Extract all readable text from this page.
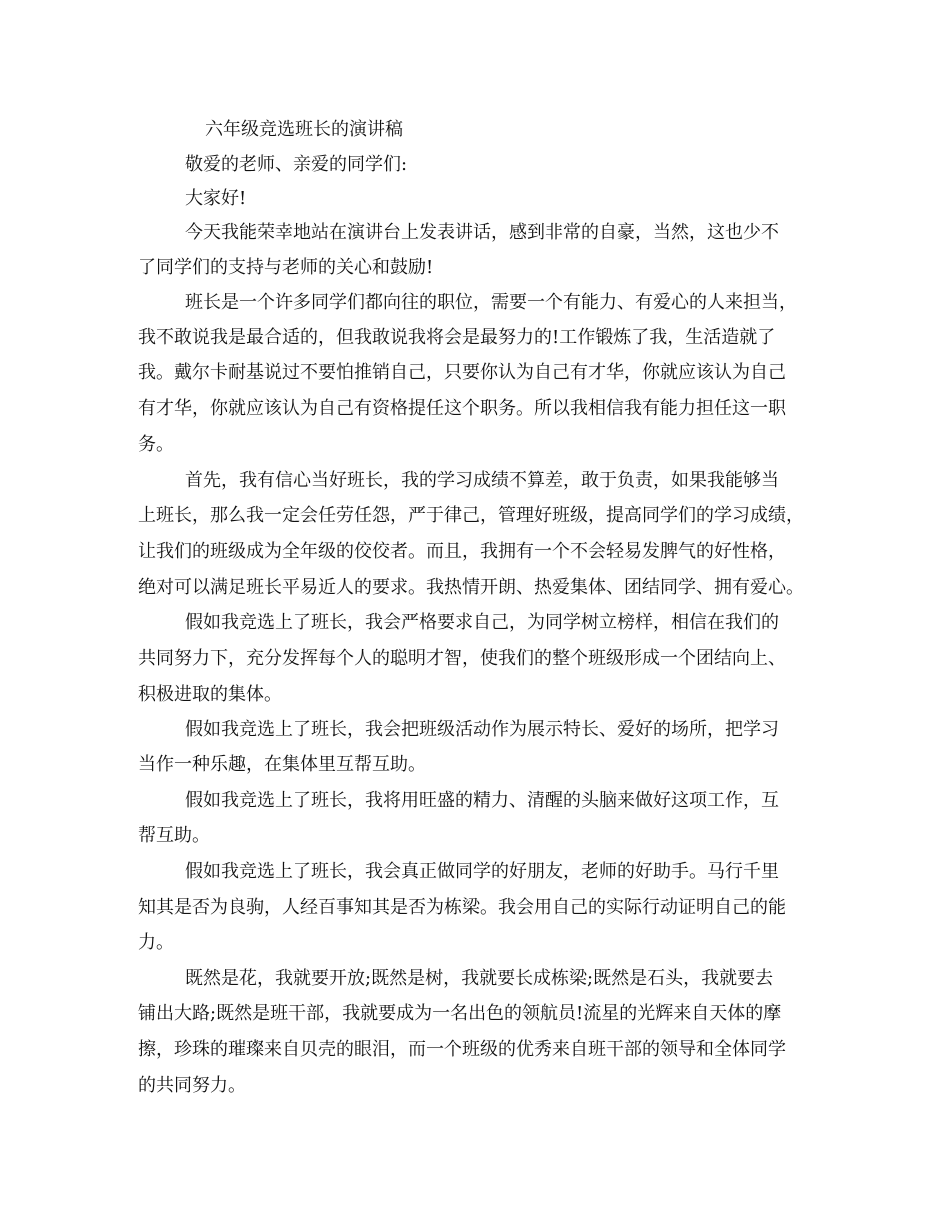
六年级竞选班长的演讲稿
敬爱的老师、亲爱的同学们:
大家好!
今天我能荣幸地站在演讲台上发表讲话，感到非常的自豪，当然，这也少不
了同学们的支持与老师的关心和鼓励!
班长是一个许多同学们都向往的职位，需要一个有能力、有爱心的人来担当，
我不敢说我是最合适的，但我敢说我将会是最努力的!工作锻炼了我，生活造就了
我。戴尔卡耐基说过不要怕推销自己，只要你认为自己有才华，你就应该认为自己
有才华，你就应该认为自己有资格提任这个职务。所以我相信我有能力担任这一职
务。
首先，我有信心当好班长，我的学习成绩不算差，敢于负责，如果我能够当
上班长，那么我一定会任劳任怨，严于律己，管理好班级，提高同学们的学习成绩，
让我们的班级成为全年级的佼佼者。而且，我拥有一个不会轻易发脾气的好性格，
绝对可以满足班长平易近人的要求。我热情开朗、热爱集体、团结同学、拥有爱心。
假如我竞选上了班长，我会严格要求自己，为同学树立榜样，相信在我们的
共同努力下，充分发挥每个人的聪明才智，使我们的整个班级形成一个团结向上、
积极进取的集体。
假如我竞选上了班长，我会把班级活动作为展示特长、爱好的场所，把学习
当作一种乐趣，在集体里互帮互助。
假如我竞选上了班长，我将用旺盛的精力、清醒的头脑来做好这项工作，互
帮互助。
假如我竞选上了班长，我会真正做同学的好朋友，老师的好助手。马行千里
知其是否为良驹，人经百事知其是否为栋梁。我会用自己的实际行动证明自己的能
力。
既然是花，我就要开放;既然是树，我就要长成栋梁;既然是石头，我就要去
铺出大路;既然是班干部，我就要成为一名出色的领航员!流星的光辉来自天体的摩
擦，珍珠的璀璨来自贝壳的眼泪，而一个班级的优秀来自班干部的领导和全体同学
的共同努力。
